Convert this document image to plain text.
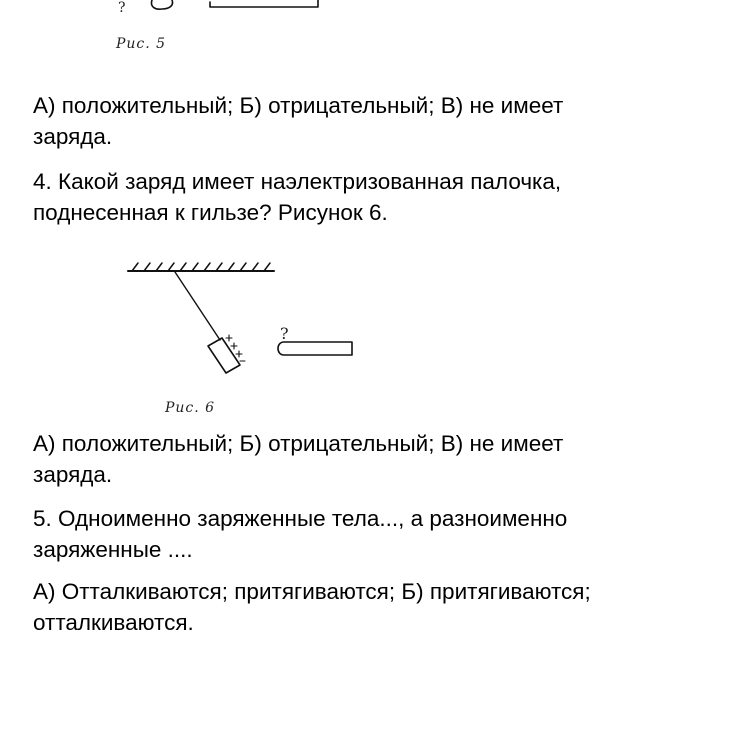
?
Рис. 5

А) положительный; Б) отрицательный; В) не имеет

заряда.

4. Какой заряд имеет наэлектризованная палочка,

поднесенная к гильзе? Рисунок 6.

?
Рис. 6

А) положительный; Б) отрицательный; В) не имеет

заряда.

5. Одноименно заряженные тела..., а разноименно

заряженные ....

А) Отталкиваются; притягиваются; Б) притягиваются;

отталкиваются.
